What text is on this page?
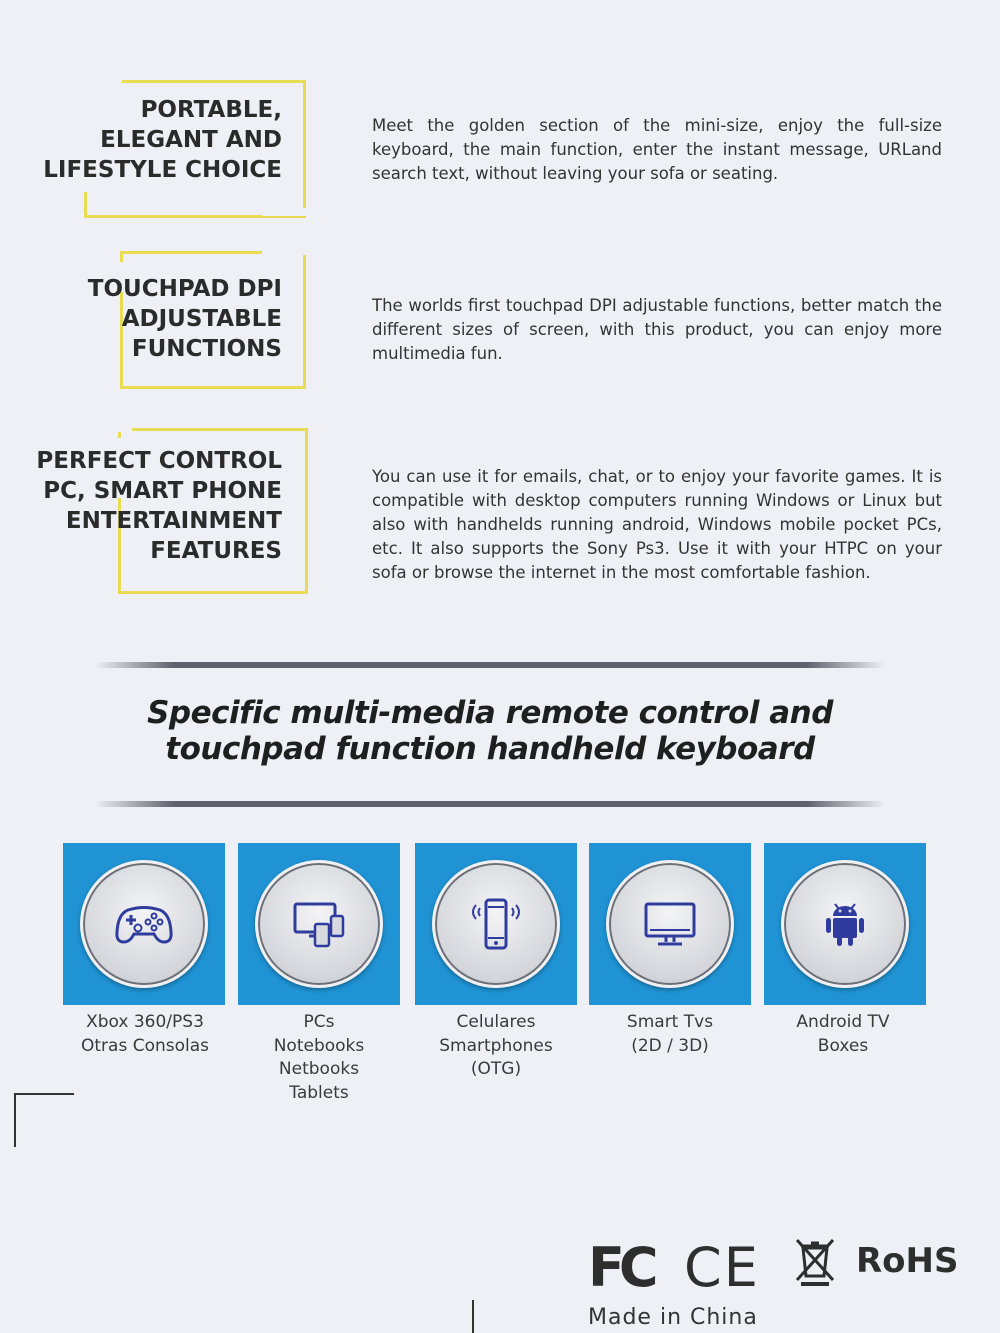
PORTABLE,
ELEGANT AND
LIFESTYLE CHOICE
Meet the golden section of the mini-size, enjoy the full-size keyboard, the main function, enter the instant message, URLand search text, without leaving your sofa or seating.
TOUCHPAD DPI
ADJUSTABLE
FUNCTIONS
The worlds first touchpad DPI adjustable functions, better match the different sizes of screen, with this product, you can enjoy more multimedia fun.
PERFECT CONTROL
PC, SMART PHONE
ENTERTAINMENT
FEATURES
You can use it for emails, chat, or to enjoy your favorite games. It is compatible with desktop computers running Windows or Linux but also with handhelds running android, Windows mobile pocket PCs, etc. It also supports the Sony Ps3. Use it with your HTPC on your sofa or browse the internet in the most comfortable fashion.
Specific multi-media remote control and
touchpad function handheld keyboard
Xbox 360/PS3
Otras Consolas
PCs
Notebooks
Netbooks
Tablets
Celulares
Smartphones
(OTG)
Smart Tvs
(2D / 3D)
Android TV
Boxes
FC CE	RoHS
Made in China
